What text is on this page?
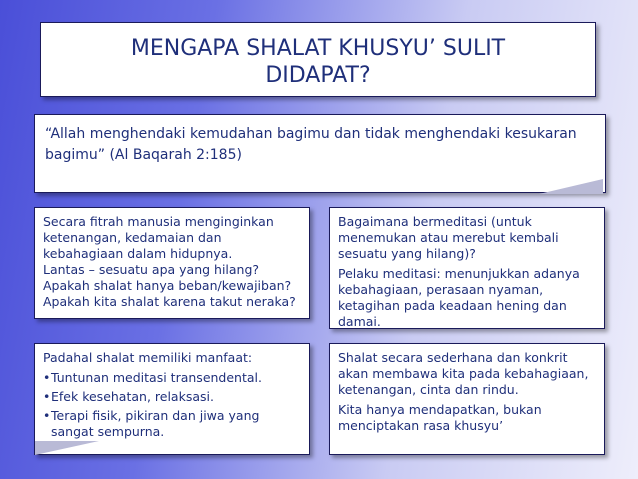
MENGAPA SHALAT KHUSYU’ SULIT
DIDAPAT?
“Allah menghendaki kemudahan bagimu dan tidak menghendaki kesukaran
bagimu” (Al Baqarah 2:185)
Secara fitrah manusia menginginkan
ketenangan, kedamaian dan
kebahagiaan dalam hidupnya.
Lantas – sesuatu apa yang hilang?
Apakah shalat hanya beban/kewajiban?
Apakah kita shalat karena takut neraka?
Bagaimana bermeditasi (untuk
menemukan atau merebut kembali
sesuatu yang hilang)?
Pelaku meditasi: menunjukkan adanya
kebahagiaan, perasaan nyaman,
ketagihan pada keadaan hening dan
damai.
Padahal shalat memiliki manfaat:
• Tuntunan meditasi transendental.
• Efek kesehatan, relaksasi.
• Terapi fisik, pikiran dan jiwa yang
sangat sempurna.
Shalat secara sederhana dan konkrit
akan membawa kita pada kebahagiaan,
ketenangan, cinta dan rindu.
Kita hanya mendapatkan, bukan
menciptakan rasa khusyu’
